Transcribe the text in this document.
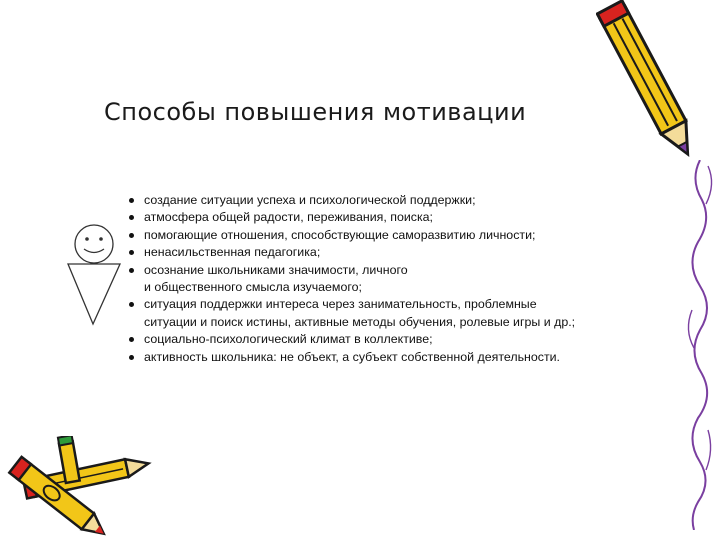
Способы повышения мотивации
создание ситуации успеха и психологической поддержки;
атмосфера общей радости, переживания, поиска;
помогающие отношения, способствующие саморазвитию личности;
ненасильственная педагогика;
осознание школьниками значимости, личного
и общественного смысла изучаемого;
ситуация поддержки интереса через занимательность, проблемные
ситуации и поиск истины, активные методы обучения, ролевые игры и др.;
социально-психологический климат в коллективе;
активность школьника: не объект, а субъект собственной деятельности.
